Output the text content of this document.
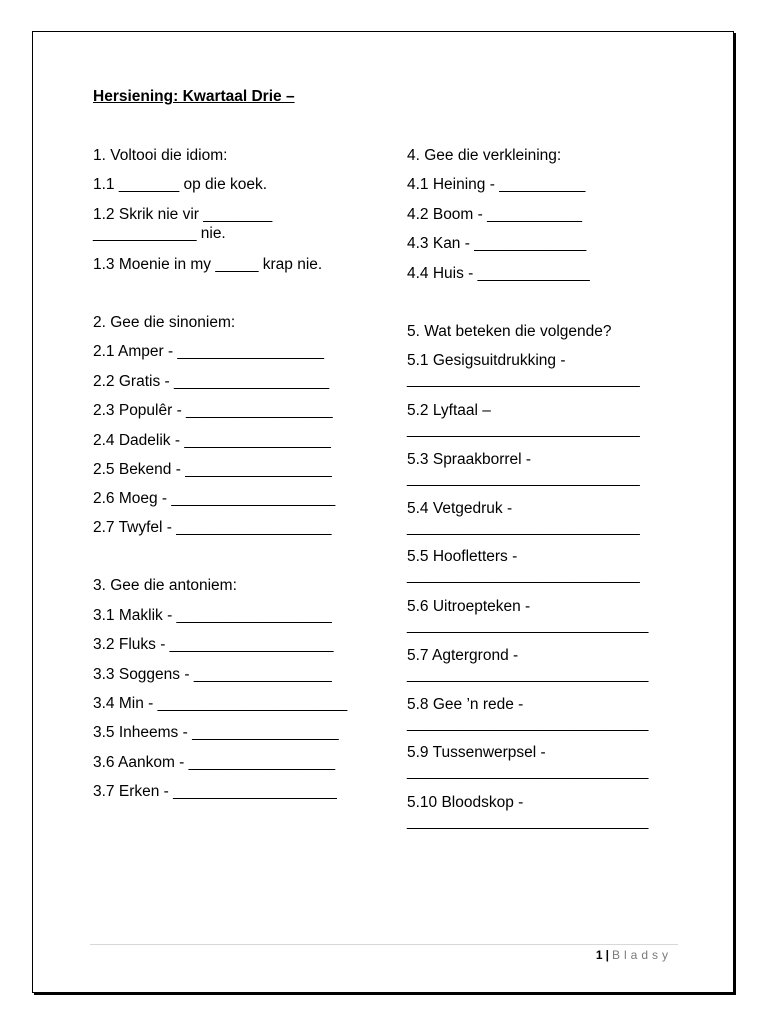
Hersiening: Kwartaal Drie –
1. Voltooi die idiom:
1.1 _______ op die koek.
1.2 Skrik nie vir ________
____________ nie.
1.3 Moenie in my _____ krap nie.
2. Gee die sinoniem:
2.1 Amper - _________________
2.2 Gratis - __________________
2.3 Populêr - _________________
2.4 Dadelik - _________________
2.5 Bekend - _________________
2.6 Moeg - ___________________
2.7 Twyfel - __________________
3. Gee die antoniem:
3.1 Maklik - __________________
3.2 Fluks - ___________________
3.3 Soggens - ________________
3.4 Min - ______________________
3.5 Inheems - _________________
3.6 Aankom - _________________
3.7 Erken - ___________________
4. Gee die verkleining:
4.1 Heining - __________
4.2 Boom - ___________
4.3 Kan - _____________
4.4 Huis - _____________
5. Wat beteken die volgende?
5.1 Gesigsuitdrukking -
___________________________
5.2 Lyftaal –
___________________________
5.3 Spraakborrel -
___________________________
5.4 Vetgedruk -
___________________________
5.5 Hoofletters -
___________________________
5.6 Uitroepteken -
____________________________
5.7 Agtergrond -
____________________________
5.8 Gee ’n rede -
____________________________
5.9 Tussenwerpsel -
____________________________
5.10 Bloodskop -
____________________________
1 | Bladsy
